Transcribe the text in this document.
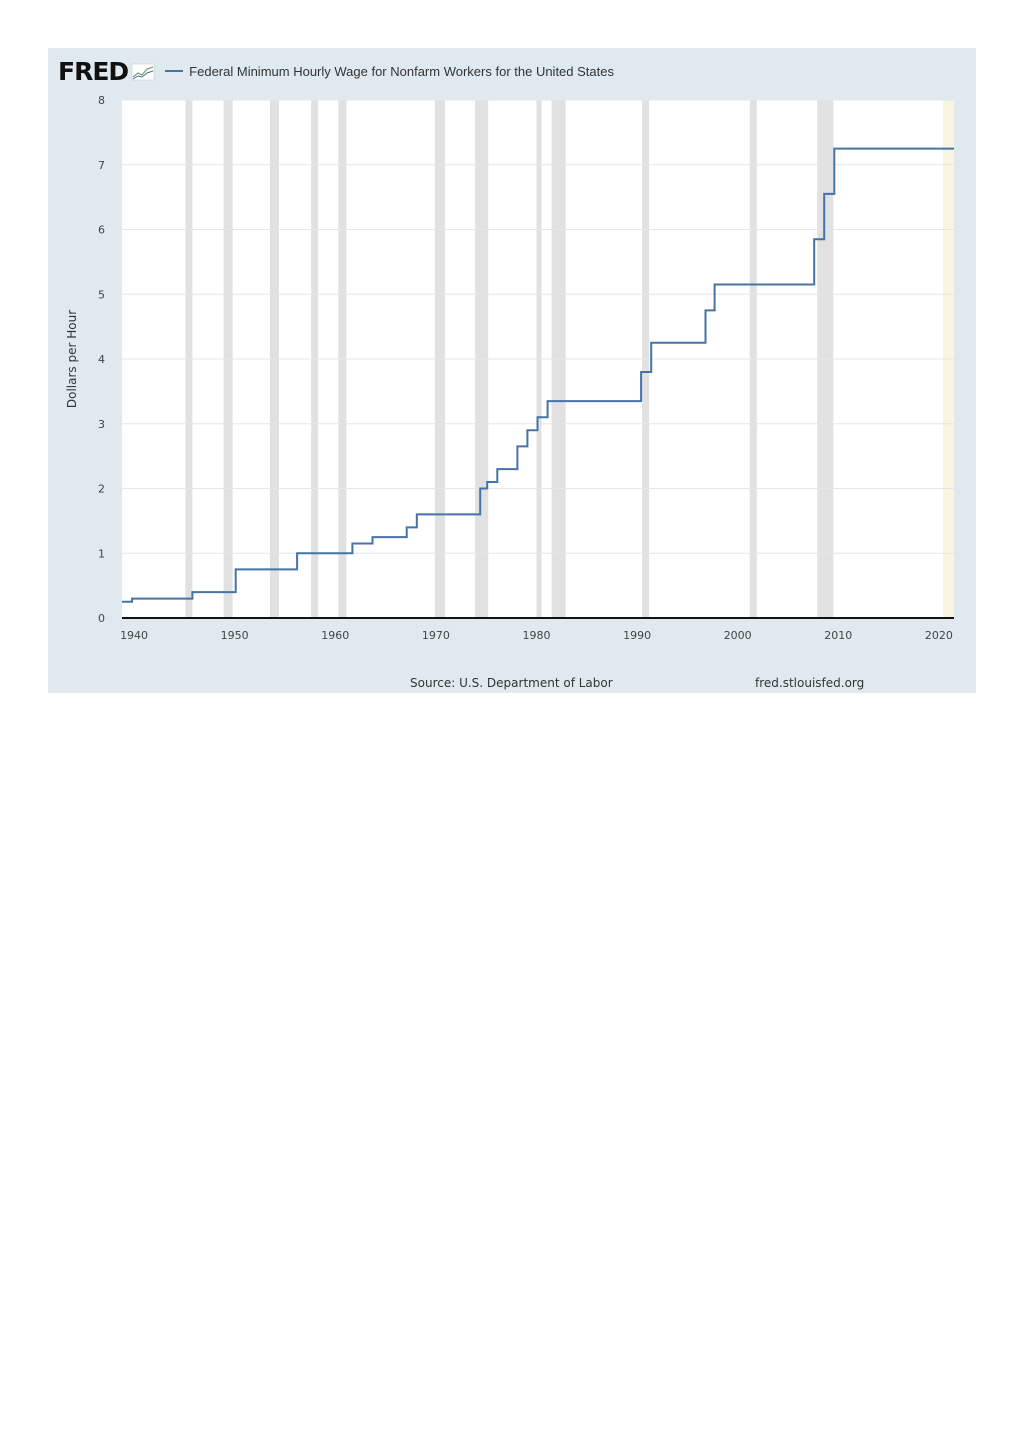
FRED	Federal Minimum Hourly Wage for Nonfarm Workers for the United States
0
1
2
3
4
5
6
7
8
1940	1950	1960	1970	1980	1990	2000	2010	2020
Dollars per Hour
Source: U.S. Department of Labor	fred.stlouisfed.org
